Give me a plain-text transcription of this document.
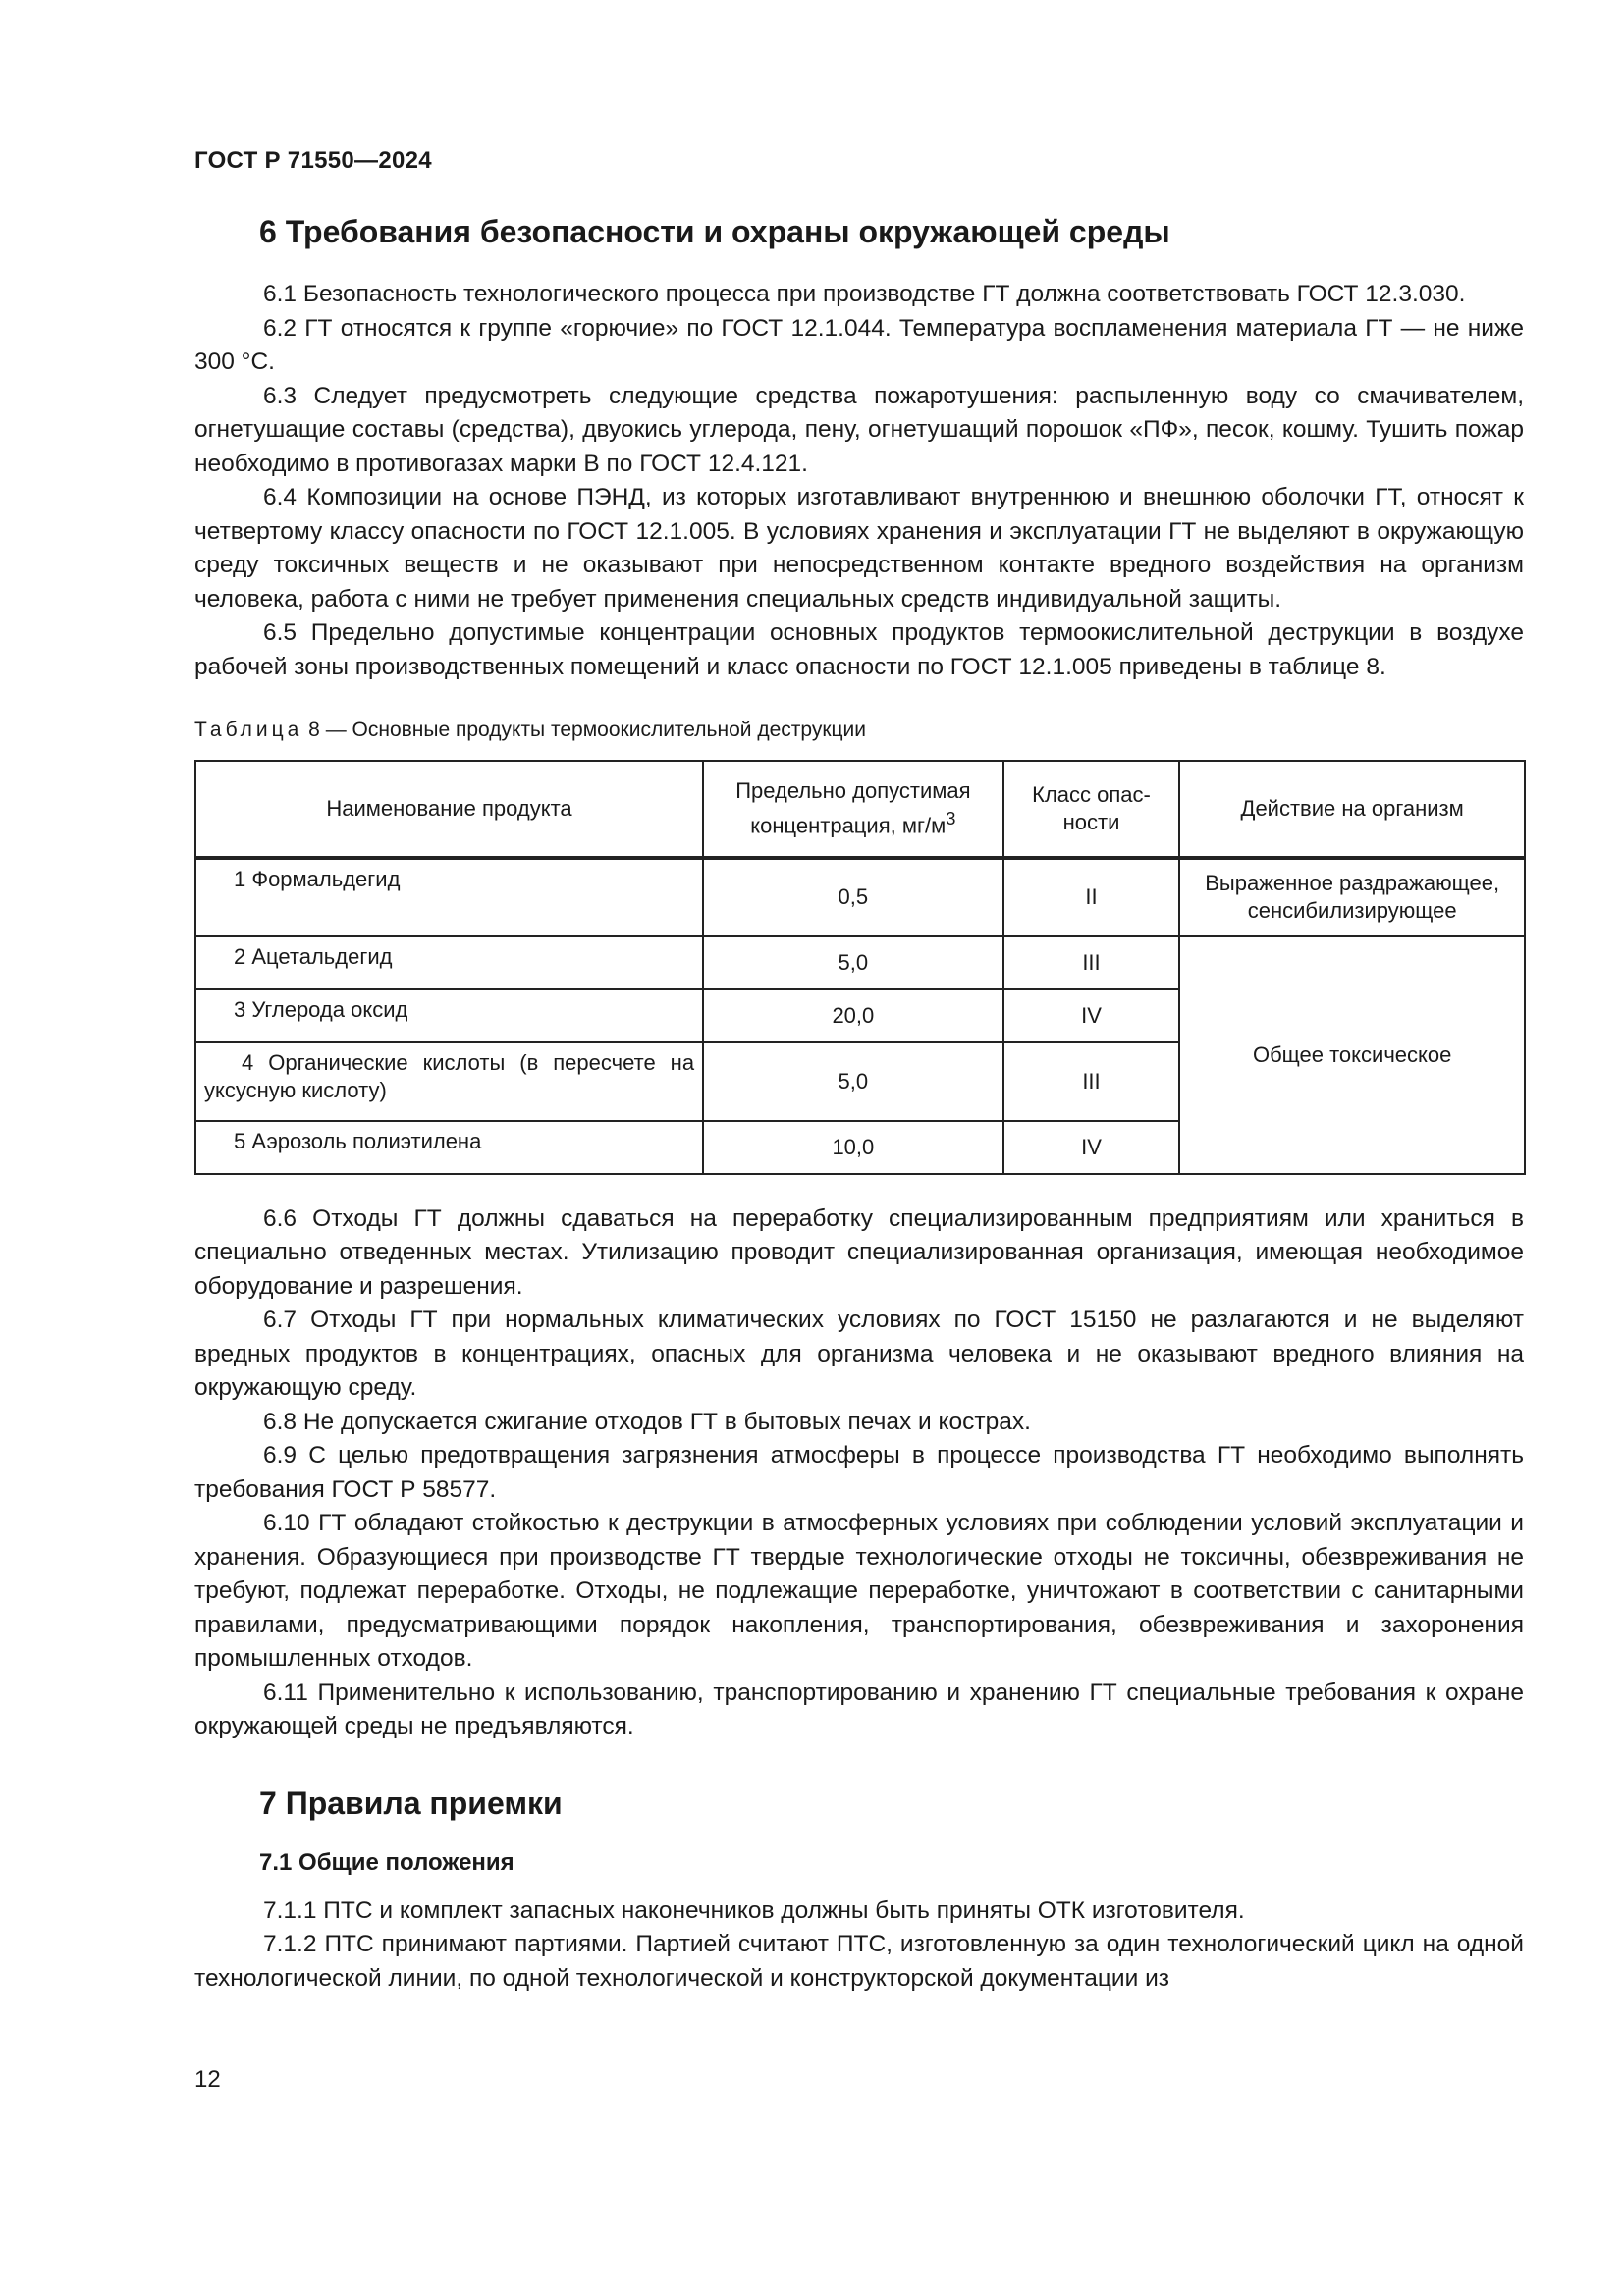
ГОСТ Р 71550—2024
6 Требования безопасности и охраны окружающей среды

6.1 Безопасность технологического процесса при производстве ГТ должна соответствовать ГОСТ 12.3.030.

6.2 ГТ относятся к группе «горючие» по ГОСТ 12.1.044. Температура воспламенения материала ГТ — не ниже 300 °С.

6.3 Следует предусмотреть следующие средства пожаротушения: распыленную воду со смачивателем, огнетушащие составы (средства), двуокись углерода, пену, огнетушащий порошок «ПФ», песок, кошму. Тушить пожар необходимо в противогазах марки В по ГОСТ 12.4.121.

6.4 Композиции на основе ПЭНД, из которых изготавливают внутреннюю и внешнюю оболочки ГТ, относят к четвертому классу опасности по ГОСТ 12.1.005. В условиях хранения и эксплуатации ГТ не выделяют в окружающую среду токсичных веществ и не оказывают при непосредственном контакте вредного воздействия на организм человека, работа с ними не требует применения специальных средств индивидуальной защиты.

6.5 Предельно допустимые концентрации основных продуктов термоокислительной деструкции в воздухе рабочей зоны производственных помещений и класс опасности по ГОСТ 12.1.005 приведены в таблице 8.

Таблица 8 — Основные продукты термоокислительной деструкции

Наименование продукта	Предельно допустимая концентрация, $мг/м^3$	Класс опасности	Действие на организм
1 Формальдегид	0,5	II	Выраженное раздражающее, сенсибилизирующее
2 Ацетальдегид	5,0	III	Общее токсическое
3 Углерода оксид	20,0	IV	
4 Органические кислоты (в пересчете на уксусную кислоту)	5,0	III	
5 Аэрозоль полиэтилена	10,0	IV	

6.6 Отходы ГТ должны сдаваться на переработку специализированным предприятиям или храниться в специально отведенных местах. Утилизацию проводит специализированная организация, имеющая необходимое оборудование и разрешения.

6.7 Отходы ГТ при нормальных климатических условиях по ГОСТ 15150 не разлагаются и не выделяют вредных продуктов в концентрациях, опасных для организма человека и не оказывают вредного влияния на окружающую среду.

6.8 Не допускается сжигание отходов ГТ в бытовых печах и кострах.

6.9 С целью предотвращения загрязнения атмосферы в процессе производства ГТ необходимо выполнять требования ГОСТ Р 58577.

6.10 ГТ обладают стойкостью к деструкции в атмосферных условиях при соблюдении условий эксплуатации и хранения. Образующиеся при производстве ГТ твердые технологические отходы не токсичны, обезвреживания не требуют, подлежат переработке. Отходы, не подлежащие переработке, уничтожают в соответствии с санитарными правилами, предусматривающими порядок накопления, транспортирования, обезвреживания и захоронения промышленных отходов.

6.11 Применительно к использованию, транспортированию и хранению ГТ специальные требования к охране окружающей среды не предъявляются.

7 Правила приемки
7.1 Общие положения

7.1.1 ПТС и комплект запасных наконечников должны быть приняты ОТК изготовителя.

7.1.2 ПТС принимают партиями. Партией считают ПТС, изготовленную за один технологический цикл на одной технологической линии, по одной технологической и конструкторской документации из

12
